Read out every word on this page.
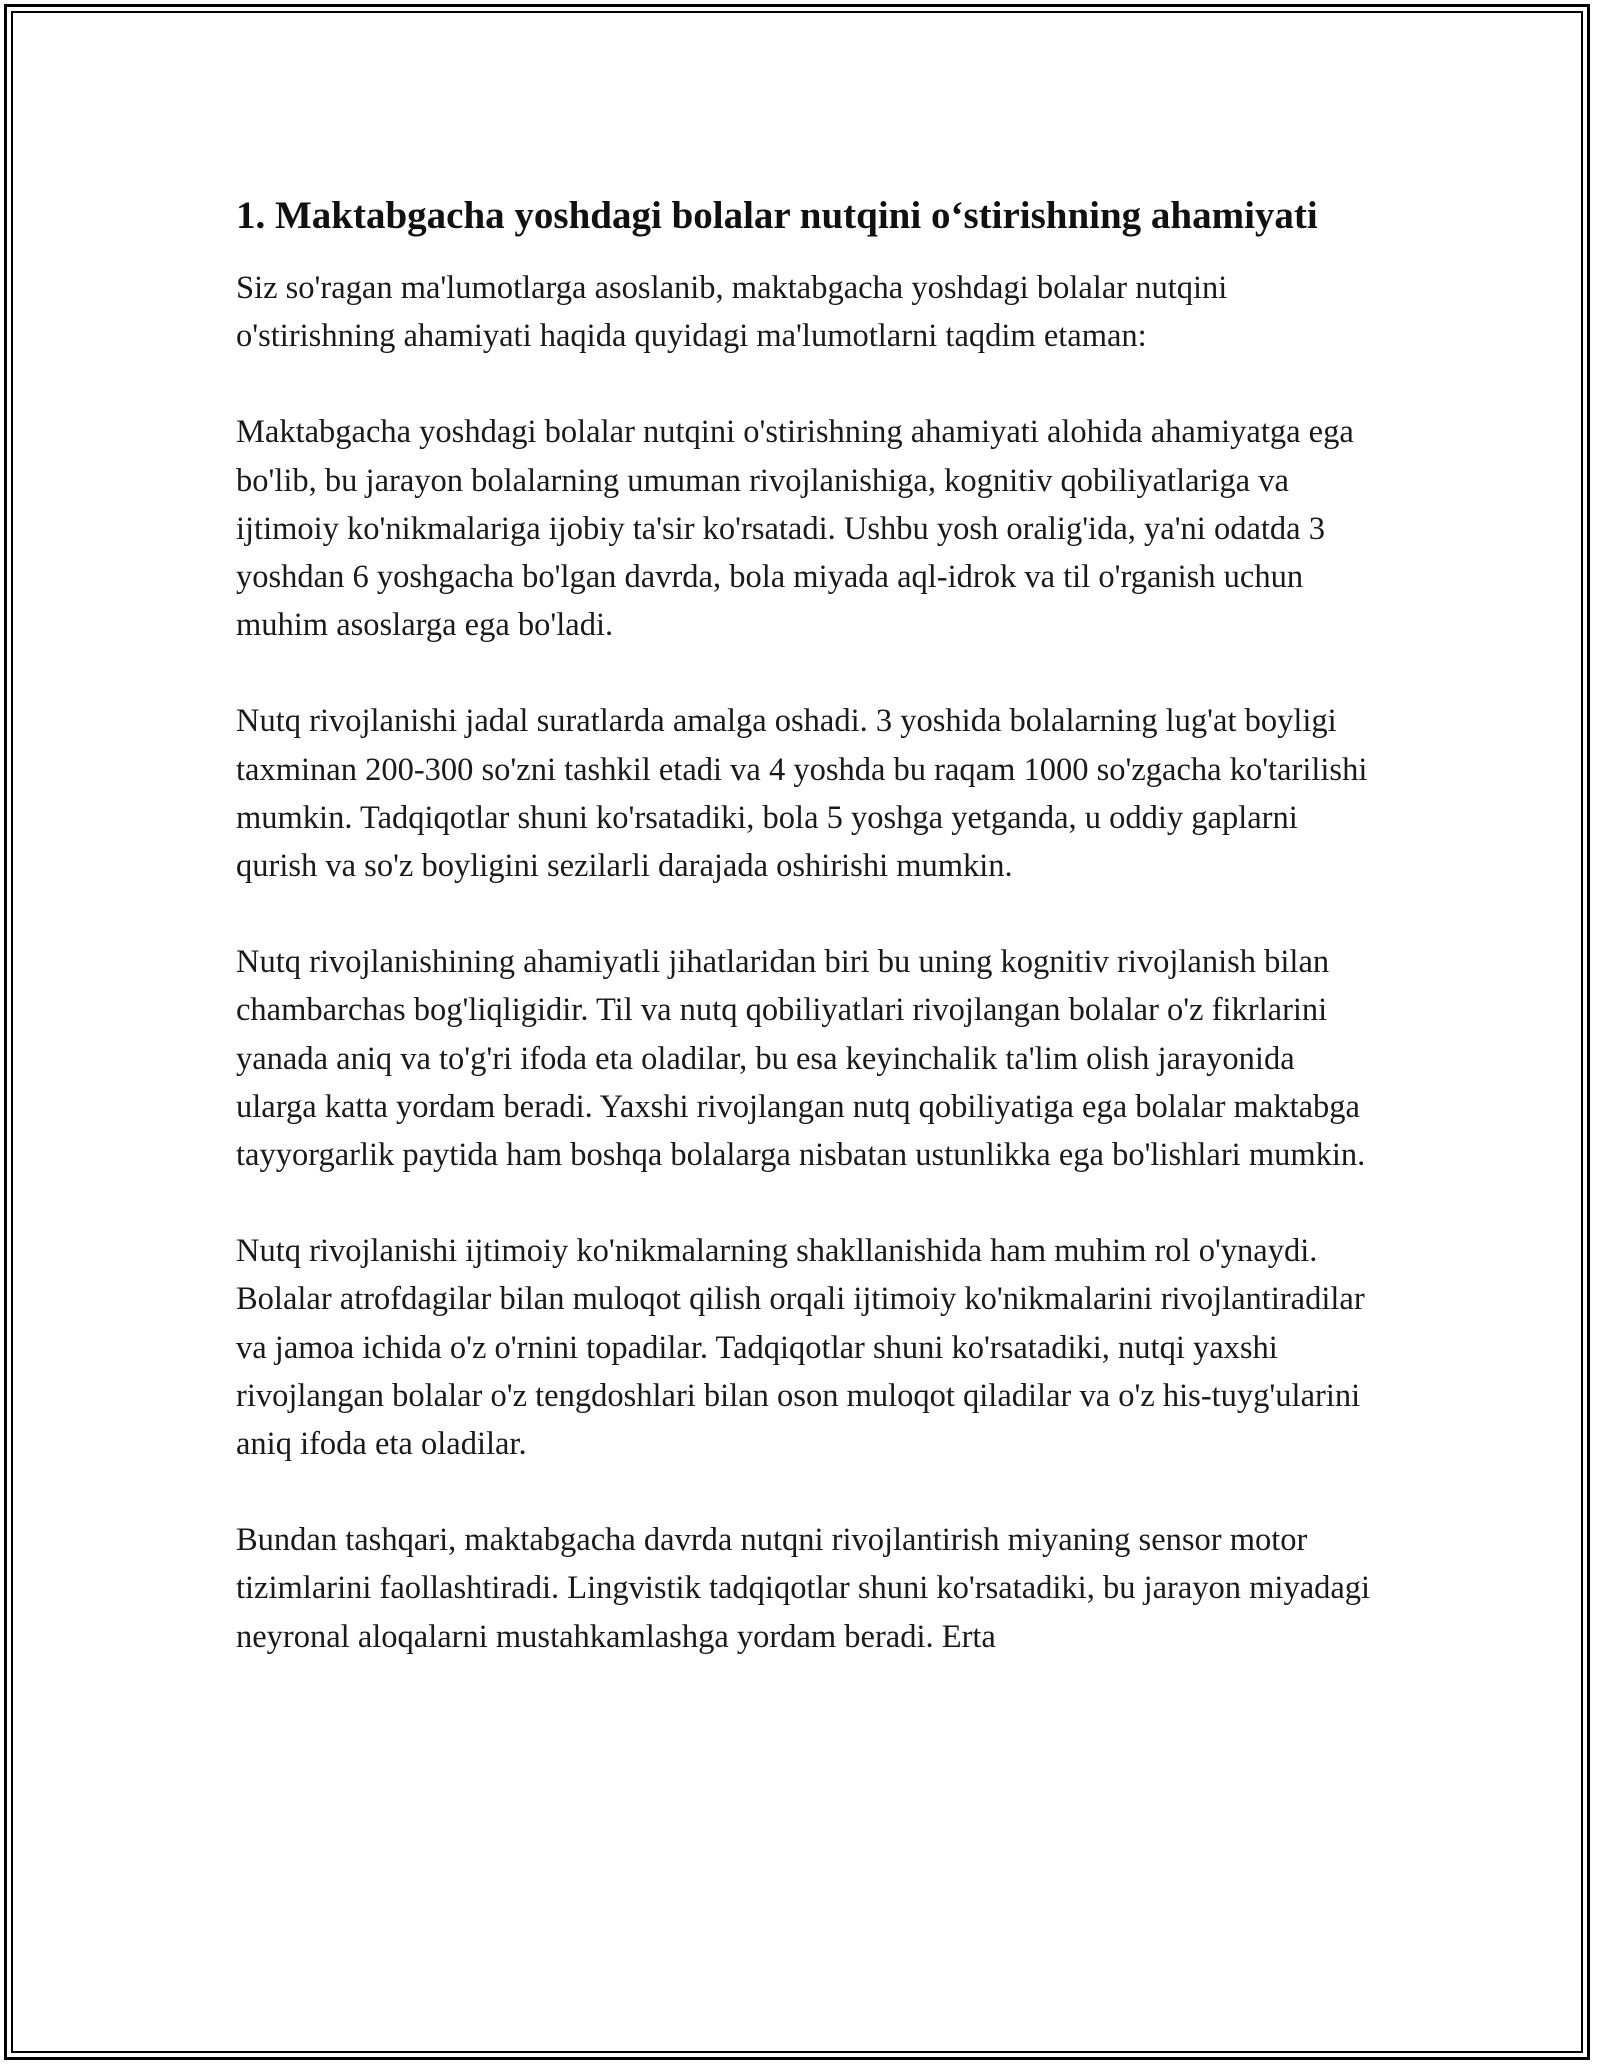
1. Maktabgacha yoshdagi bolalar nutqini o‘stirishning ahamiyati

Siz so'ragan ma'lumotlarga asoslanib, maktabgacha yoshdagi bolalar nutqini o'stirishning ahamiyati haqida quyidagi ma'lumotlarni taqdim etaman:

Maktabgacha yoshdagi bolalar nutqini o'stirishning ahamiyati alohida ahamiyatga ega bo'lib, bu jarayon bolalarning umuman rivojlanishiga, kognitiv qobiliyatlariga va ijtimoiy ko'nikmalariga ijobiy ta'sir ko'rsatadi. Ushbu yosh oralig'ida, ya'ni odatda 3 yoshdan 6 yoshgacha bo'lgan davrda, bola miyada aql-idrok va til o'rganish uchun muhim asoslarga ega bo'ladi.

Nutq rivojlanishi jadal suratlarda amalga oshadi. 3 yoshida bolalarning lug'at boyligi taxminan 200-300 so'zni tashkil etadi va 4 yoshda bu raqam 1000 so'zgacha ko'tarilishi mumkin. Tadqiqotlar shuni ko'rsatadiki, bola 5 yoshga yetganda, u oddiy gaplarni qurish va so'z boyligini sezilarli darajada oshirishi mumkin.

Nutq rivojlanishining ahamiyatli jihatlaridan biri bu uning kognitiv rivojlanish bilan chambarchas bog'liqligidir. Til va nutq qobiliyatlari rivojlangan bolalar o'z fikrlarini yanada aniq va to'g'ri ifoda eta oladilar, bu esa keyinchalik ta'lim olish jarayonida ularga katta yordam beradi. Yaxshi rivojlangan nutq qobiliyatiga ega bolalar maktabga tayyorgarlik paytida ham boshqa bolalarga nisbatan ustunlikka ega bo'lishlari mumkin.

Nutq rivojlanishi ijtimoiy ko'nikmalarning shakllanishida ham muhim rol o'ynaydi. Bolalar atrofdagilar bilan muloqot qilish orqali ijtimoiy ko'nikmalarini rivojlantiradilar va jamoa ichida o'z o'rnini topadilar. Tadqiqotlar shuni ko'rsatadiki, nutqi yaxshi rivojlangan bolalar o'z tengdoshlari bilan oson muloqot qiladilar va o'z his-tuyg'ularini aniq ifoda eta oladilar.

Bundan tashqari, maktabgacha davrda nutqni rivojlantirish miyaning sensor motor tizimlarini faollashtiradi. Lingvistik tadqiqotlar shuni ko'rsatadiki, bu jarayon miyadagi neyronal aloqalarni mustahkamlashga yordam beradi. Erta
